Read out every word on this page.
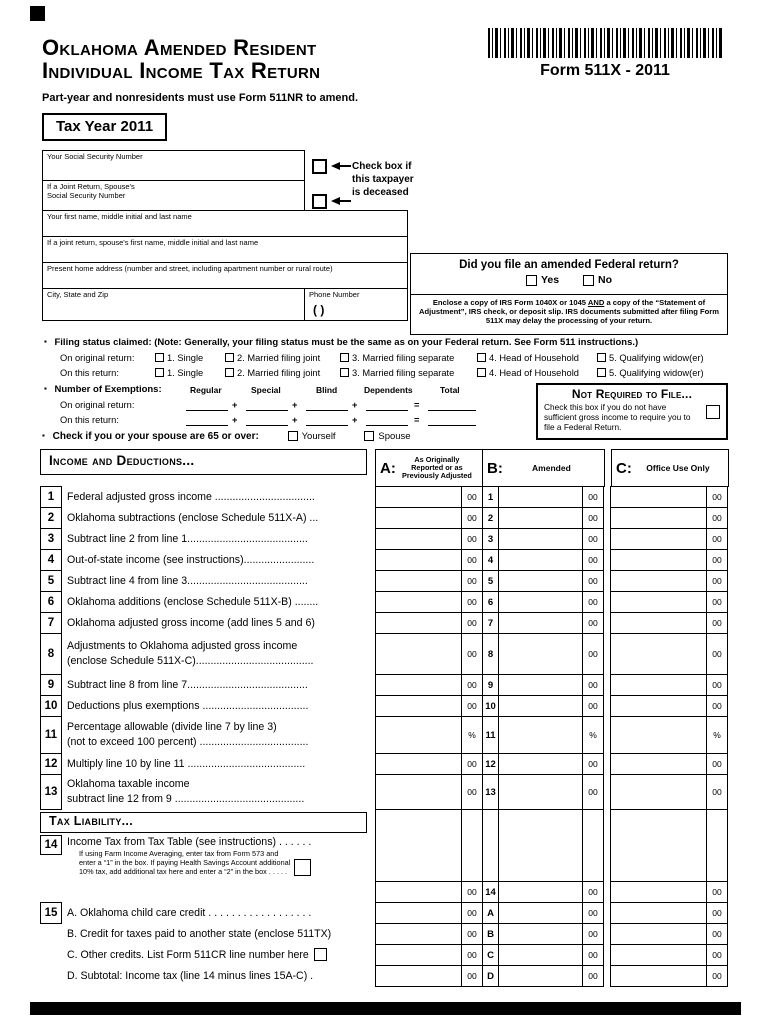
Form 511X - 2011
Oklahoma Amended Resident
Individual Income Tax Return
Part-year and nonresidents must use Form 511NR to amend.
Tax Year 2011
Your Social Security Number
If a Joint Return, Spouse's
Social Security Number
Check box if
this taxpayer
is deceased
Your first name, middle initial and last name
If a joint return, spouse's first name, middle initial and last name
Present home address (number and street, including apartment number or rural route)
City, State and Zip	Phone Number
( )
Did you file an amended Federal return?
Yes	No
Enclose a copy of IRS Form 1040X or 1045 AND a copy of the “Statement of Adjustment”, IRS check, or deposit slip. IRS documents submitted after filing Form 511X may delay the processing of your return.
▪ Filing status claimed: (Note: Generally, your filing status must be the same as on your Federal return. See Form 511 instructions.)
On original return:	1. Single	2. Married filing joint	3. Married filing separate	4. Head of Household	5. Qualifying widow(er)
On this return:	1. Single	2. Married filing joint	3. Married filing separate	4. Head of Household	5. Qualifying widow(er)
▪ Number of Exemptions:	Regular	Special	Blind	Dependents	Total
On original return:	+	+	+	=
On this return:	+	+	+	=
Not Required to File...
Check this box if you do not have sufficient gross income to require you to file a Federal Return.
▪ Check if you or your spouse are 65 or over:	Yourself	Spouse
Income and Deductions...	A:
As Originally
Reported or as
Previously Adjusted	B:	Amended	C:	Office Use Only
1	Federal adjusted gross income ..................................	00	1	00	00
2	Oklahoma subtractions (enclose Schedule 511X-A) ...	00	2	00	00
3	Subtract line 2 from line 1.........................................	00	3	00	00
4	Out-of-state income (see instructions)........................	00	4	00	00
5	Subtract line 4 from line 3.........................................	00	5	00	00
6	Oklahoma additions (enclose Schedule 511X-B) ........	00	6	00	00
7	Oklahoma adjusted gross income (add lines 5 and 6)	00	7	00	00
8
Adjustments to Oklahoma adjusted gross income
(enclose Schedule 511X-C)........................................
00	8	00	00
9	Subtract line 8 from line 7.........................................	00	9	00	00
10 Deductions plus exemptions ....................................	00 10	00	00
11
Percentage allowable (divide line 7 by line 3)
(not to exceed 100 percent) .....................................
%	11	%	%
12 Multiply line 10 by line 11 ........................................	00 12	00	00
13
Oklahoma taxable income
subtract line 12 from 9 ............................................
00 13	00	00
Tax Liability...
14 Income Tax from Tax Table (see instructions) . . . . . .
If using Farm Income Averaging, enter tax from Form 573 and
enter a “1” in the box. If paying Health Savings Account additional
10% tax, add additional tax here and enter a “2” in the box . . . . .
00 14	00	00
15 A. Oklahoma child care credit . . . . . . . . . . . . . . . . . .	00	A	00	00
B. Credit for taxes paid to another state (enclose 511TX)	00	B	00	00
C. Other credits. List Form 511CR line number here	00	C	00	00
D. Subtotal: Income tax (line 14 minus lines 15A-C) .	00	D	00	00
